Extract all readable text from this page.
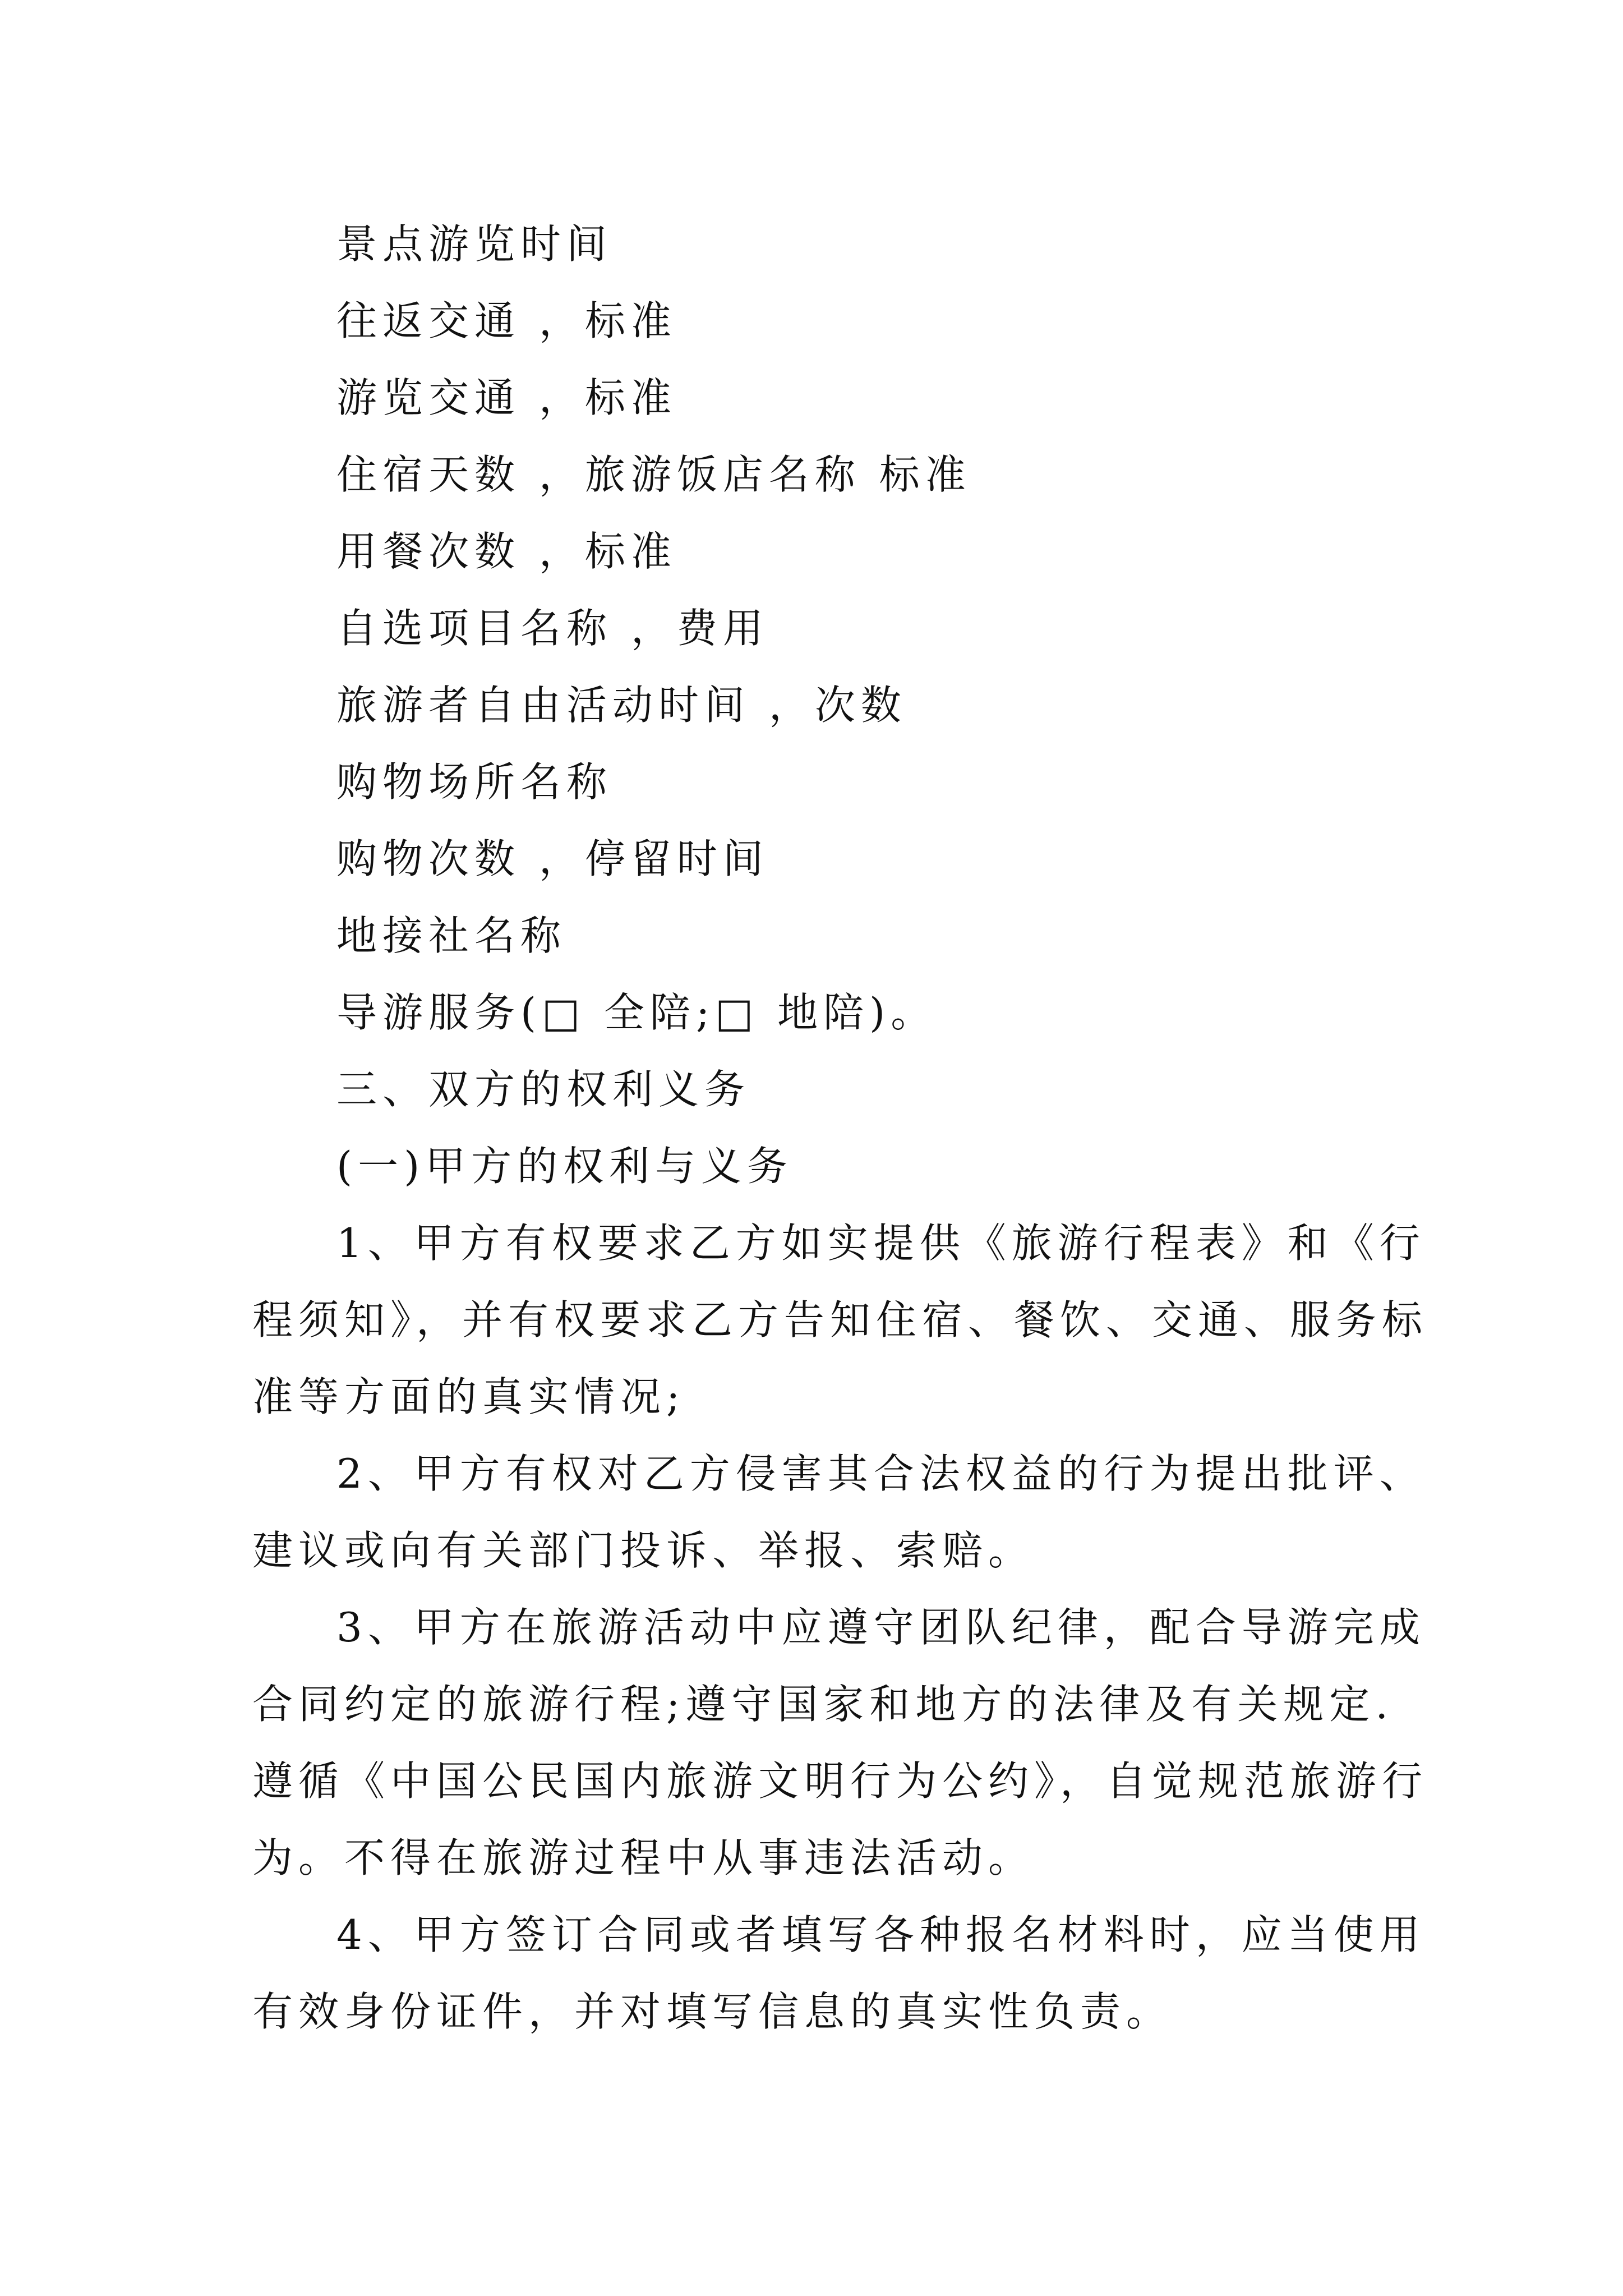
景点游览时间
往返交通 ，标准
游览交通 ，标准
住宿天数 ，旅游饭店名称 标准
用餐次数 ，标准
自选项目名称 ，费用
旅游者自由活动时间 ，次数
购物场所名称
购物次数 ，停留时间
地接社名称
导游服务(□ 全陪;□ 地陪)。
三、双方的权利义务
(一)甲方的权利与义务
1、甲方有权要求乙方如实提供《旅游行程表》和《行
程须知》，并有权要求乙方告知住宿、餐饮、交通、服务标
准等方面的真实情况;
2、甲方有权对乙方侵害其合法权益的行为提出批评、
建议或向有关部门投诉、举报、索赔。
3、甲方在旅游活动中应遵守团队纪律，配合导游完成
合同约定的旅游行程;遵守国家和地方的法律及有关规定.
遵循《中国公民国内旅游文明行为公约》，自觉规范旅游行
为。不得在旅游过程中从事违法活动。
4、甲方签订合同或者填写各种报名材料时，应当使用
有效身份证件，并对填写信息的真实性负责。
